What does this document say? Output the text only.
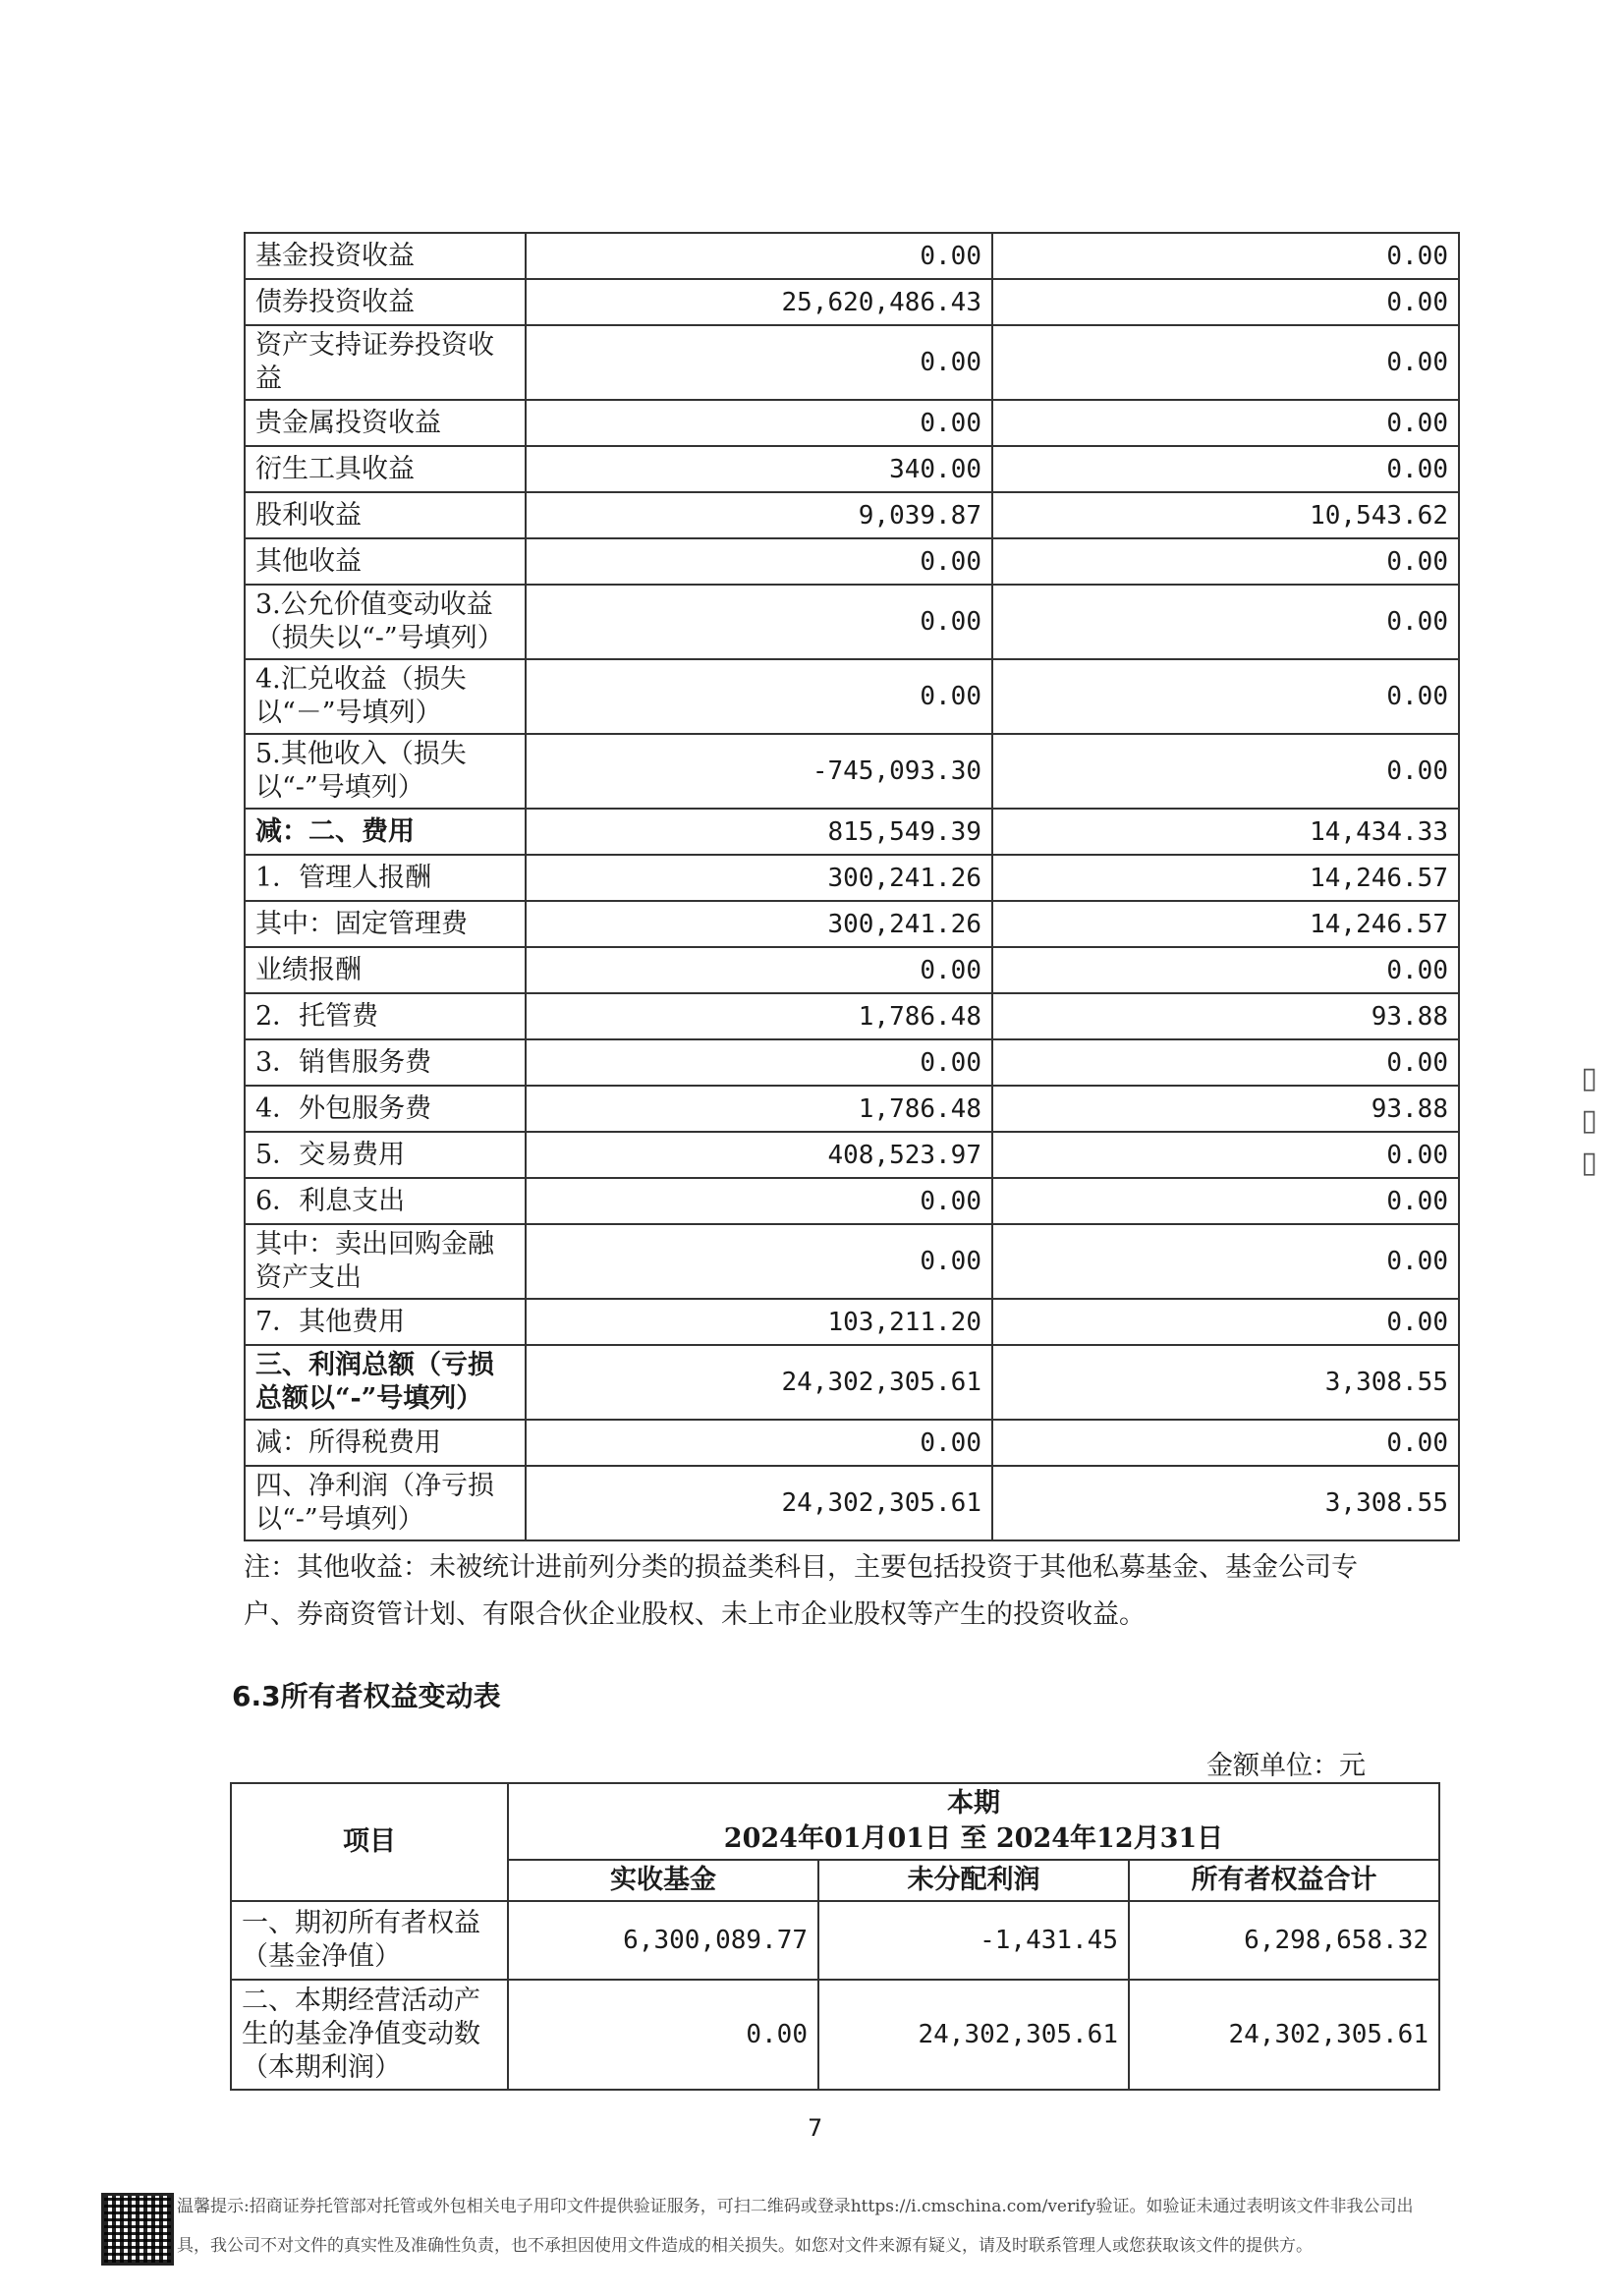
基金投资收益	0.00	0.00
债券投资收益	25,620,486.43	0.00
资产支持证券投资收益	0.00	0.00
贵金属投资收益	0.00	0.00
衍生工具收益	340.00	0.00
股利收益	9,039.87	10,543.62
其他收益	0.00	0.00
3.公允价值变动收益（损失以“-”号填列）	0.00	0.00
4.汇兑收益（损失以“－”号填列）	0.00	0.00
5.其他收入（损失以“-”号填列）	-745,093.30	0.00
减：二、费用	815,549.39	14,434.33
1．管理人报酬	300,241.26	14,246.57
其中：固定管理费	300,241.26	14,246.57
业绩报酬	0.00	0.00
2．托管费	1,786.48	93.88
3．销售服务费	0.00	0.00
4．外包服务费	1,786.48	93.88
5．交易费用	408,523.97	0.00
6．利息支出	0.00	0.00
其中：卖出回购金融资产支出	0.00	0.00
7．其他费用	103,211.20	0.00
三、利润总额（亏损总额以“-”号填列）	24,302,305.61	3,308.55
减：所得税费用	0.00	0.00
四、净利润（净亏损以“-”号填列）	24,302,305.61	3,308.55
注：其他收益：未被统计进前列分类的损益类科目，主要包括投资于其他私募基金、基金公司专
户、券商资管计划、有限合伙企业股权、未上市企业股权等产生的投资收益。
6.3所有者权益变动表
金额单位：元
项目	本期
2024年01月01日 至 2024年12月31日		

	实收基金	未分配利润	所有者权益合计
一、期初所有者权益（基金净值）	6,300,089.77	-1,431.45	6,298,658.32
二、本期经营活动产生的基金净值变动数（本期利润）	0.00	24,302,305.61	24,302,305.61
7
温馨提示:招商证券托管部对托管或外包相关电子用印文件提供验证服务，可扫二维码或登录https://i.cmschina.com/verify验证。如验证未通过表明该文件非我公司出
具，我公司不对文件的真实性及准确性负责，也不承担因使用文件造成的相关损失。如您对文件来源有疑义，请及时联系管理人或您获取该文件的提供方。
▯▯▯
